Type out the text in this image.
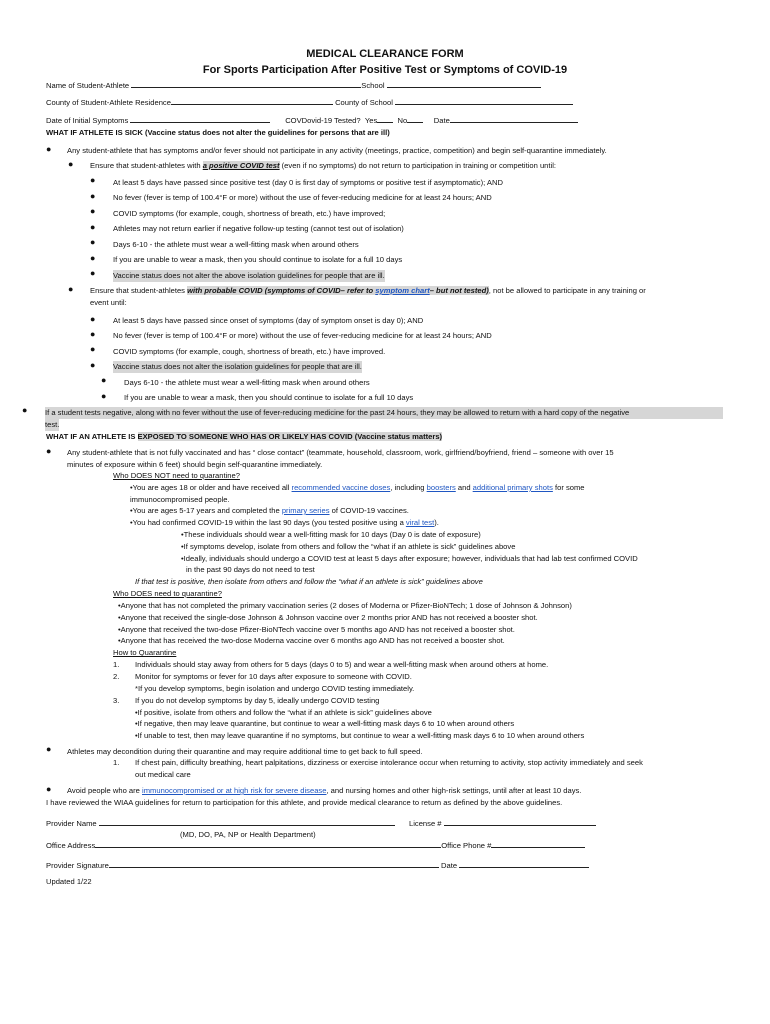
MEDICAL CLEARANCE FORM
For Sports Participation After Positive Test or Symptoms of COVID-19
Name of Student-Athlete	School
County of Student-Athlete Residence	County of School
Date of Initial Symptoms	COVDovid-19 Tested? Yes	No	Date
WHAT IF ATHLETE IS SICK (Vaccine status does not alter the guidelines for persons that are ill)
● Any student-athlete that has symptoms and/or fever should not participate in any activity (meetings, practice, competition) and begin self-quarantine immediately.
● Ensure that student-athletes with a positive COVID test (even if no symptoms) do not return to participation in training or competition until:
● At least 5 days have passed since positive test (day 0 is first day of symptoms or positive test if asymptomatic); AND
● No fever (fever is temp of 100.4°F or more) without the use of fever-reducing medicine for at least 24 hours; AND
● COVID symptoms (for example, cough, shortness of breath, etc.) have improved;
● Athletes may not return earlier if negative follow-up testing (cannot test out of isolation)
● Days 6-10 - the athlete must wear a well-fitting mask when around others
● If you are unable to wear a mask, then you should continue to isolate for a full 10 days
● Vaccine status does not alter the above isolation guidelines for people that are ill.
● Ensure that student-athletes with probable COVID (symptoms of COVID– refer to symptom chart– but not tested), not be allowed to participate in any training or
event until:
● At least 5 days have passed since onset of symptoms (day of symptom onset is day 0); AND
● No fever (fever is temp of 100.4°F or more) without the use of fever-reducing medicine for at least 24 hours; AND
● COVID symptoms (for example, cough, shortness of breath, etc.) have improved.
● Vaccine status does not alter the isolation guidelines for people that are ill.
● Days 6-10 - the athlete must wear a well-fitting mask when around others
● If you are unable to wear a mask, then you should continue to isolate for a full 10 days
● If a student tests negative, along with no fever without the use of fever-reducing medicine for the past 24 hours, they may be allowed to return with a hard copy of the negative
test.
WHAT IF AN ATHLETE IS EXPOSED TO SOMEONE WHO HAS OR LIKELY HAS COVID (Vaccine status matters)
● Any student-athlete that is not fully vaccinated and has “ close contact” (teammate, household, classroom, work, girlfriend/boyfriend, friend – someone with over 15
minutes of exposure within 6 feet) should begin self-quarantine immediately.
Who DOES NOT need to quarantine?
•You are ages 18 or older and have received all recommended vaccine doses, including boosters and additional primary shots for some
immunocompromised people.
•You are ages 5-17 years and completed the primary series of COVID-19 vaccines.
•You had confirmed COVID-19 within the last 90 days (you tested positive using a viral test).
•These individuals should wear a well-fitting mask for 10 days (Day 0 is date of exposure)
•If symptoms develop, isolate from others and follow the “what if an athlete is sick” guidelines above
•Ideally, individuals should undergo a COVID test at least 5 days after exposure; however, individuals that had lab test confirmed COVID
in the past 90 days do not need to test
If that test is positive, then isolate from others and follow the “what if an athlete is sick” guidelines above
Who DOES need to quarantine?
•Anyone that has not completed the primary vaccination series (2 doses of Moderna or Pfizer-BioNTech; 1 dose of Johnson & Johnson)
•Anyone that received the single-dose Johnson & Johnson vaccine over 2 months prior AND has not received a booster shot.
•Anyone that received the two-dose Pfizer-BioNTech vaccine over 5 months ago AND has not received a booster shot.
•Anyone that has received the two-dose Moderna vaccine over 6 months ago AND has not received a booster shot.
How to Quarantine
1. Individuals should stay away from others for 5 days (days 0 to 5) and wear a well-fitting mask when around others at home.
2. Monitor for symptoms or fever for 10 days after exposure to someone with COVID.
*If you develop symptoms, begin isolation and undergo COVID testing immediately.
3. If you do not develop symptoms by day 5, ideally undergo COVID testing
•If positive, isolate from others and follow the “what if an athlete is sick” guidelines above
•If negative, then may leave quarantine, but continue to wear a well-fitting mask days 6 to 10 when around others
•If unable to test, then may leave quarantine if no symptoms, but continue to wear a well-fitting mask days 6 to 10 when around others
● Athletes may decondition during their quarantine and may require additional time to get back to full speed.
1. If chest pain, difficulty breathing, heart palpitations, dizziness or exercise intolerance occur when returning to activity, stop activity immediately and seek
out medical care
● Avoid people who are immunocompromised or at high risk for severe disease, and nursing homes and other high-risk settings, until after at least 10 days.
I have reviewed the WIAA guidelines for return to participation for this athlete, and provide medical clearance to return as defined by the above guidelines.
Provider Name	License #
(MD, DO, PA, NP or Health Department)
Office Address	Office Phone #
Provider Signature	Date
Updated 1/22
